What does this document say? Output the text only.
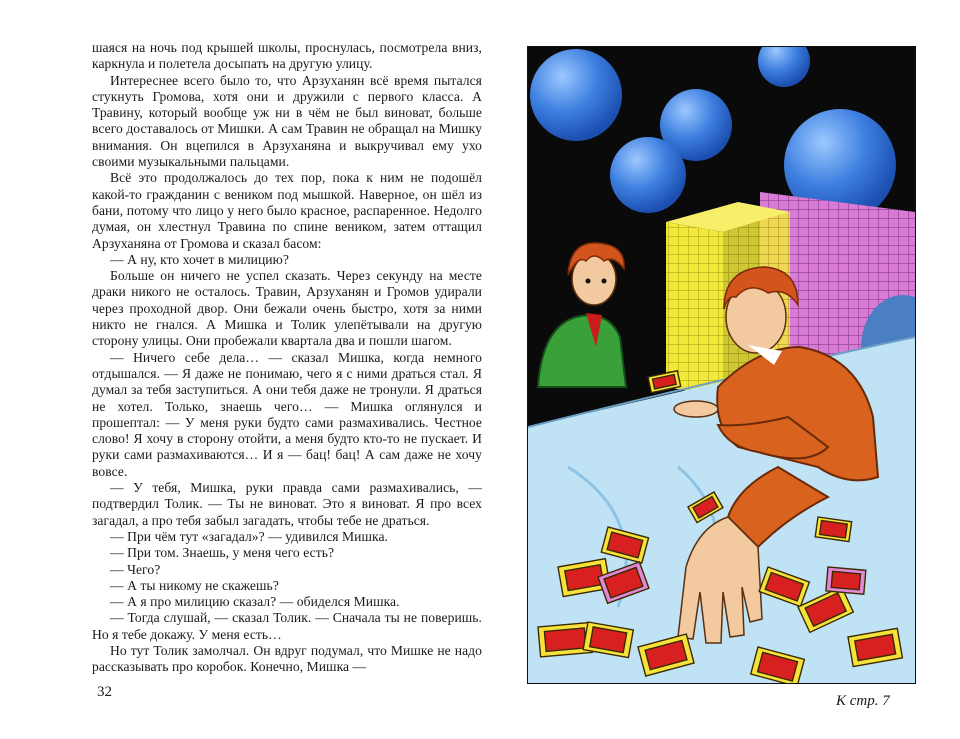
шаяся на ночь под крышей школы, проснулась, посмотрела вниз, каркнула и полетела досыпать на другую улицу.

Интереснее всего было то, что Арзуханян всё время пытался стукнуть Громова, хотя они и дружили с первого класса. А Травину, который вообще уж ни в чём не был виноват, больше всего доставалось от Мишки. А сам Травин не обращал на Мишку внимания. Он вцепился в Арзуханяна и выкручивал ему ухо своими музыкальными пальцами.

Всё это продолжалось до тех пор, пока к ним не подошёл какой-то гражданин с веником под мышкой. Наверное, он шёл из бани, потому что лицо у него было красное, распаренное. Недолго думая, он хлестнул Травина по спине веником, затем оттащил Арзуханяна от Громова и сказал басом:

— А ну, кто хочет в милицию?

Больше он ничего не успел сказать. Через секунду на месте драки никого не осталось. Травин, Арзуханян и Громов удирали через проходной двор. Они бежали очень быстро, хотя за ними никто не гнался. А Мишка и Толик улепётывали на другую сторону улицы. Они пробежали квартала два и пошли шагом.

— Ничего себе дела… — сказал Мишка, когда немного отдышался. — Я даже не понимаю, чего я с ними драться стал. Я думал за тебя заступиться. А они тебя даже не тронули. Я драться не хотел. Только, знаешь чего… — Мишка оглянулся и прошептал: — У меня руки будто сами размахивались. Честное слово! Я хочу в сторону отойти, а меня будто кто-то не пускает. И руки сами размахиваются… И я — бац! бац! А сам даже не хочу вовсе.

— У тебя, Мишка, руки правда сами размахивались, — подтвердил Толик. — Ты не виноват. Это я виноват. Я про всех загадал, а про тебя забыл загадать, чтобы тебе не драться.

— При чём тут «загадал»? — удивился Мишка.

— При том. Знаешь, у меня чего есть?

— Чего?

— А ты никому не скажешь?

— А я про милицию сказал? — обиделся Мишка.

— Тогда слушай, — сказал Толик. — Сначала ты не поверишь. Но я тебе докажу. У меня есть…

Но тут Толик замолчал. Он вдруг подумал, что Мишке не надо рассказывать про коробок. Конечно, Мишка —

32
К стр. 7
